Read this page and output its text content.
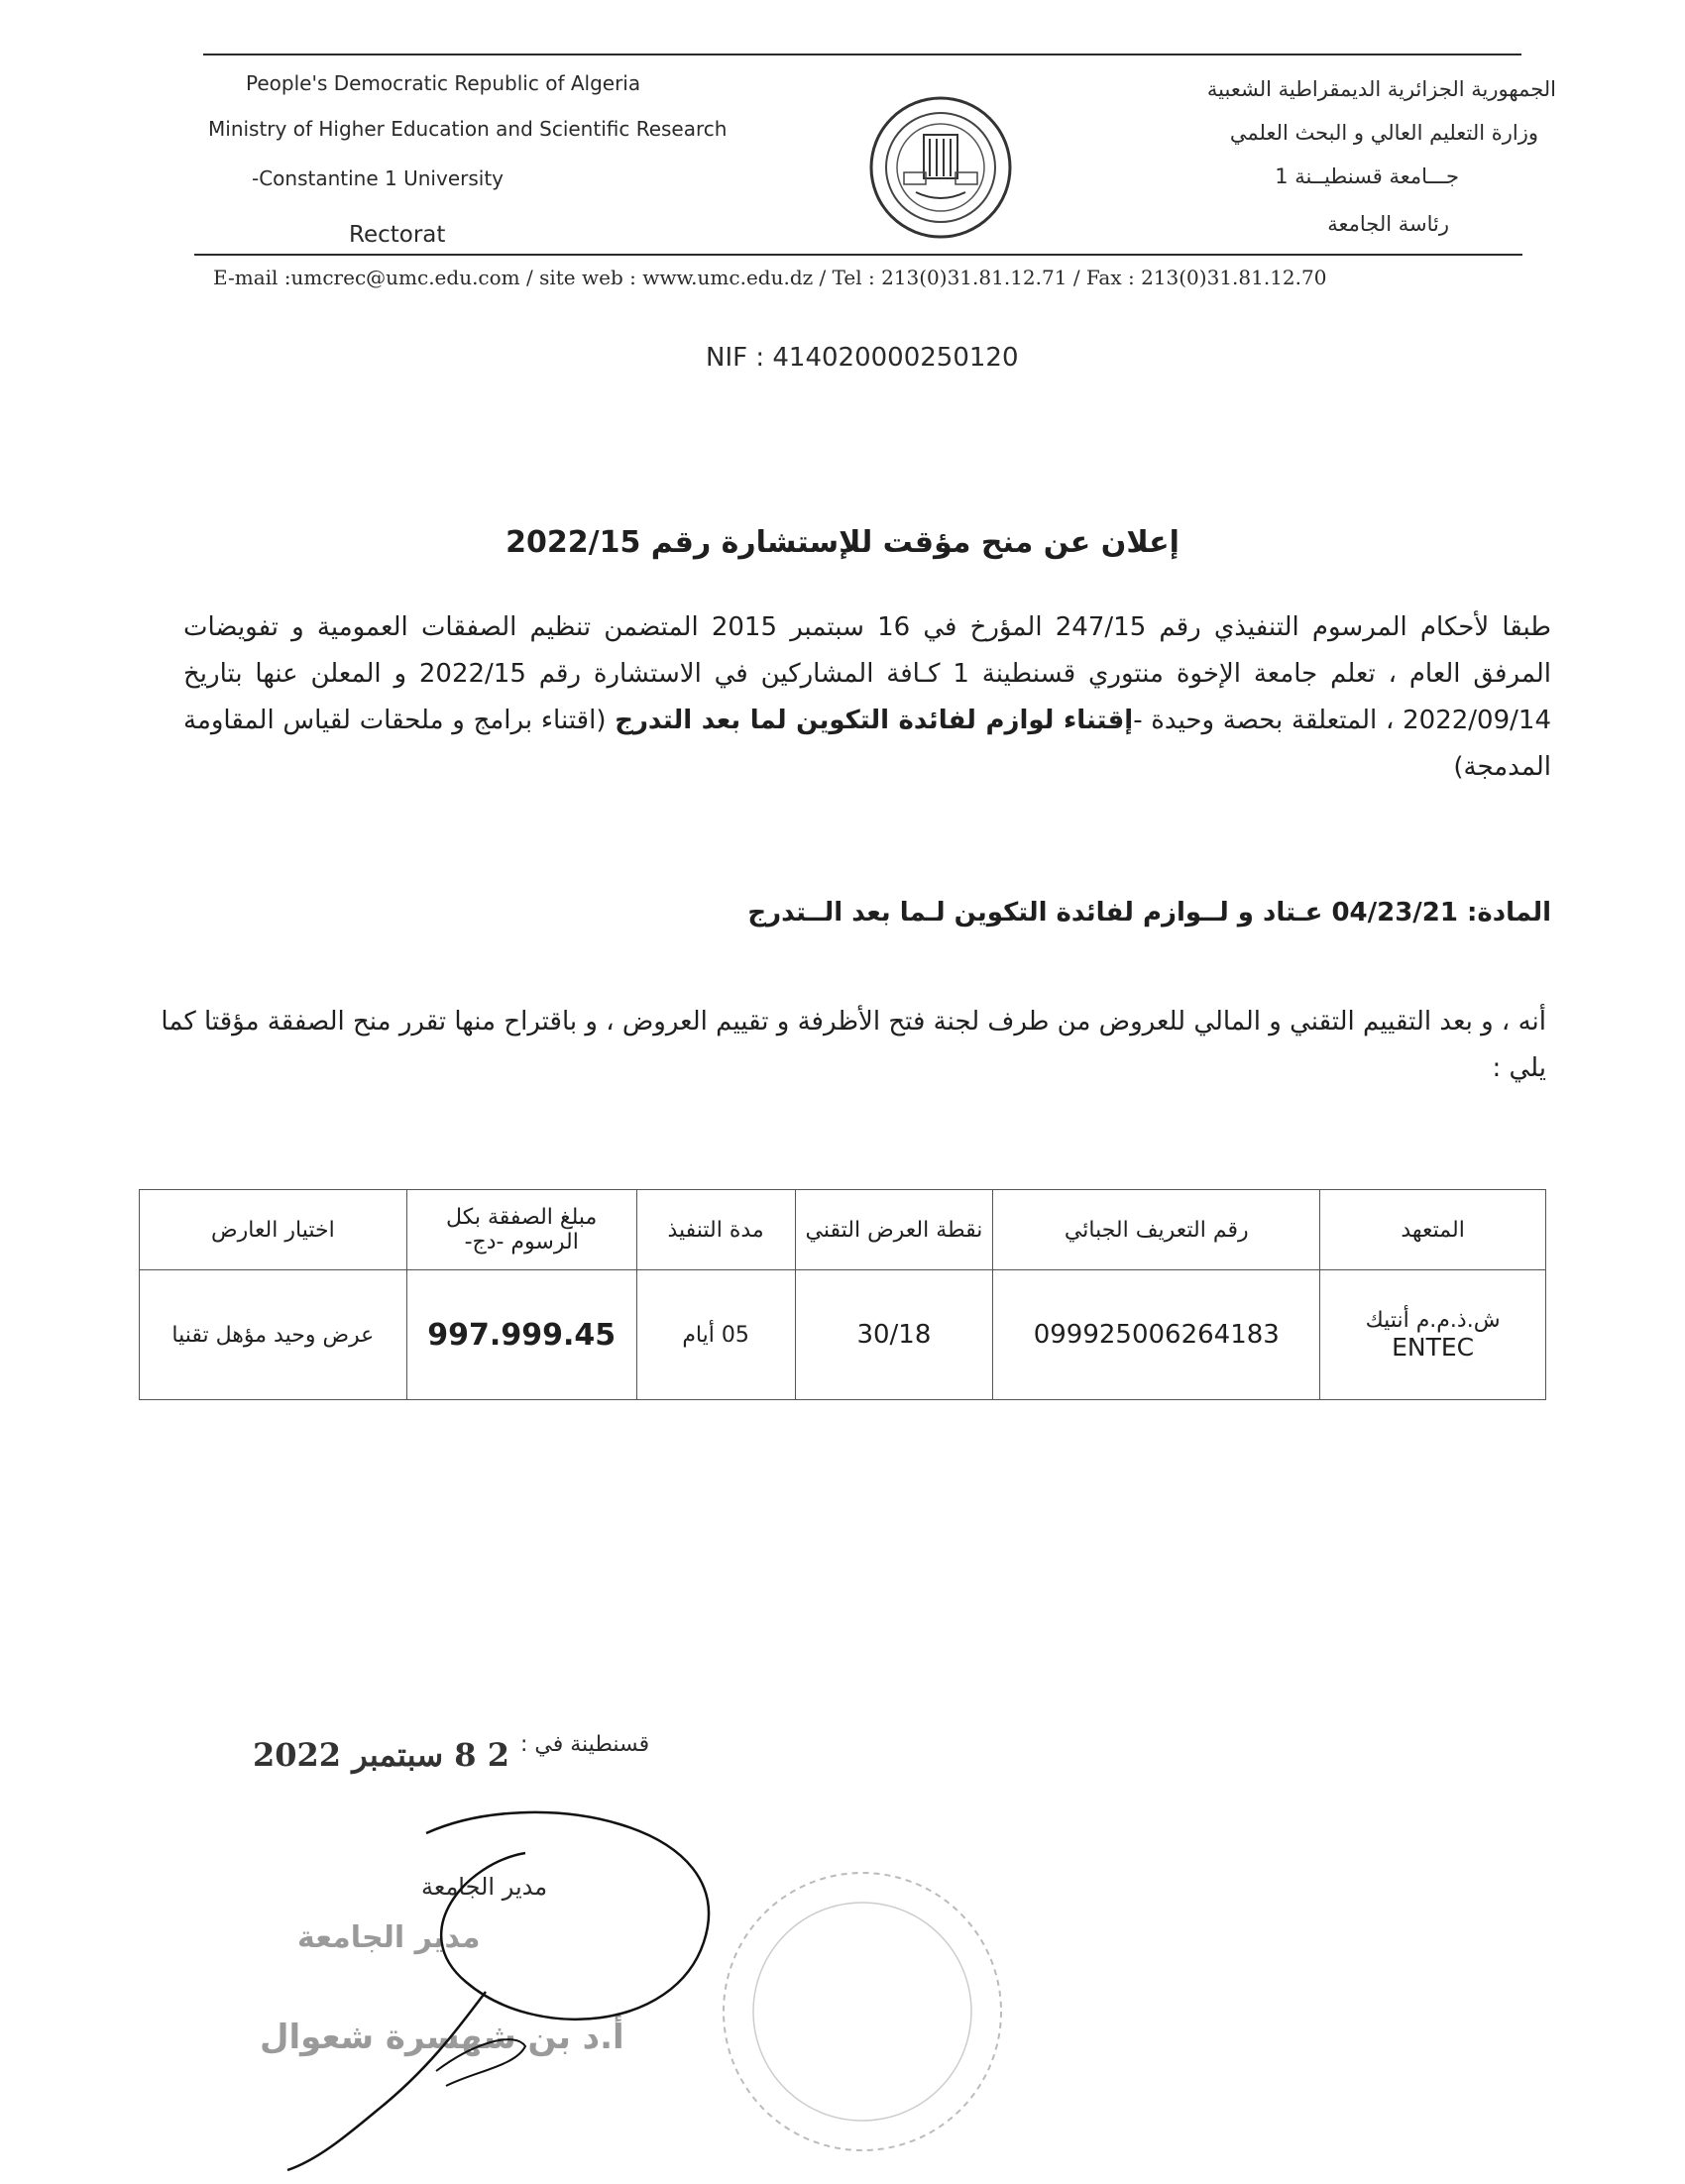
People's Democratic Republic of Algeria
Ministry of Higher Education and Scientific Research
-Constantine 1 University
Rectorat
الجمهورية الجزائرية الديمقراطية الشعبية
وزارة التعليم العالي و البحث العلمي
جـــامعة قسنطيــنة 1
رئاسة الجامعة
E-mail :umcrec@umc.edu.com / site web : www.umc.edu.dz / Tel : 213(0)31.81.12.71 / Fax : 213(0)31.81.12.70
NIF : 414020000250120
إعلان عن منح مؤقت للإستشارة رقم 2022/15
طبقا لأحكام المرسوم التنفيذي رقم 247/15 المؤرخ في 16 سبتمبر 2015 المتضمن تنظيم الصفقات العمومية و تفويضات المرفق العام ، تعلم جامعة الإخوة منتوري قسنطينة 1 كـافة المشاركين في الاستشارة رقم 2022/15 و المعلن عنها بتاريخ 2022/09/14 ، المتعلقة بحصة وحيدة -إقتناء لوازم لفائدة التكوين لما بعد التدرج (اقتناء برامج و ملحقات لقياس المقاومة المدمجة)
المادة: 04/23/21 عـتاد و لــوازم لفائدة التكوين لـما بعد الــتدرج
أنه ، و بعد التقييم التقني و المالي للعروض من طرف لجنة فتح الأظرفة و تقييم العروض ، و باقتراح منها تقرر منح الصفقة مؤقتا كما يلي :
المتعهد	رقم التعريف الجبائي	نقطة العرض التقني	مدة التنفيذ	مبلغ الصفقة بكل الرسوم -دج-	اختيار العارض

ش.ذ.م.م أنتيك
ENTEC	099925006264183	30/18	05 أيام	997.999.45	عرض وحيد مؤهل تقنيا
قسنطينة في :
2 8 سبتمبر 2022
مدير الجامعة
مدير الجامعة
أ.د بن شهسرة شعوال
